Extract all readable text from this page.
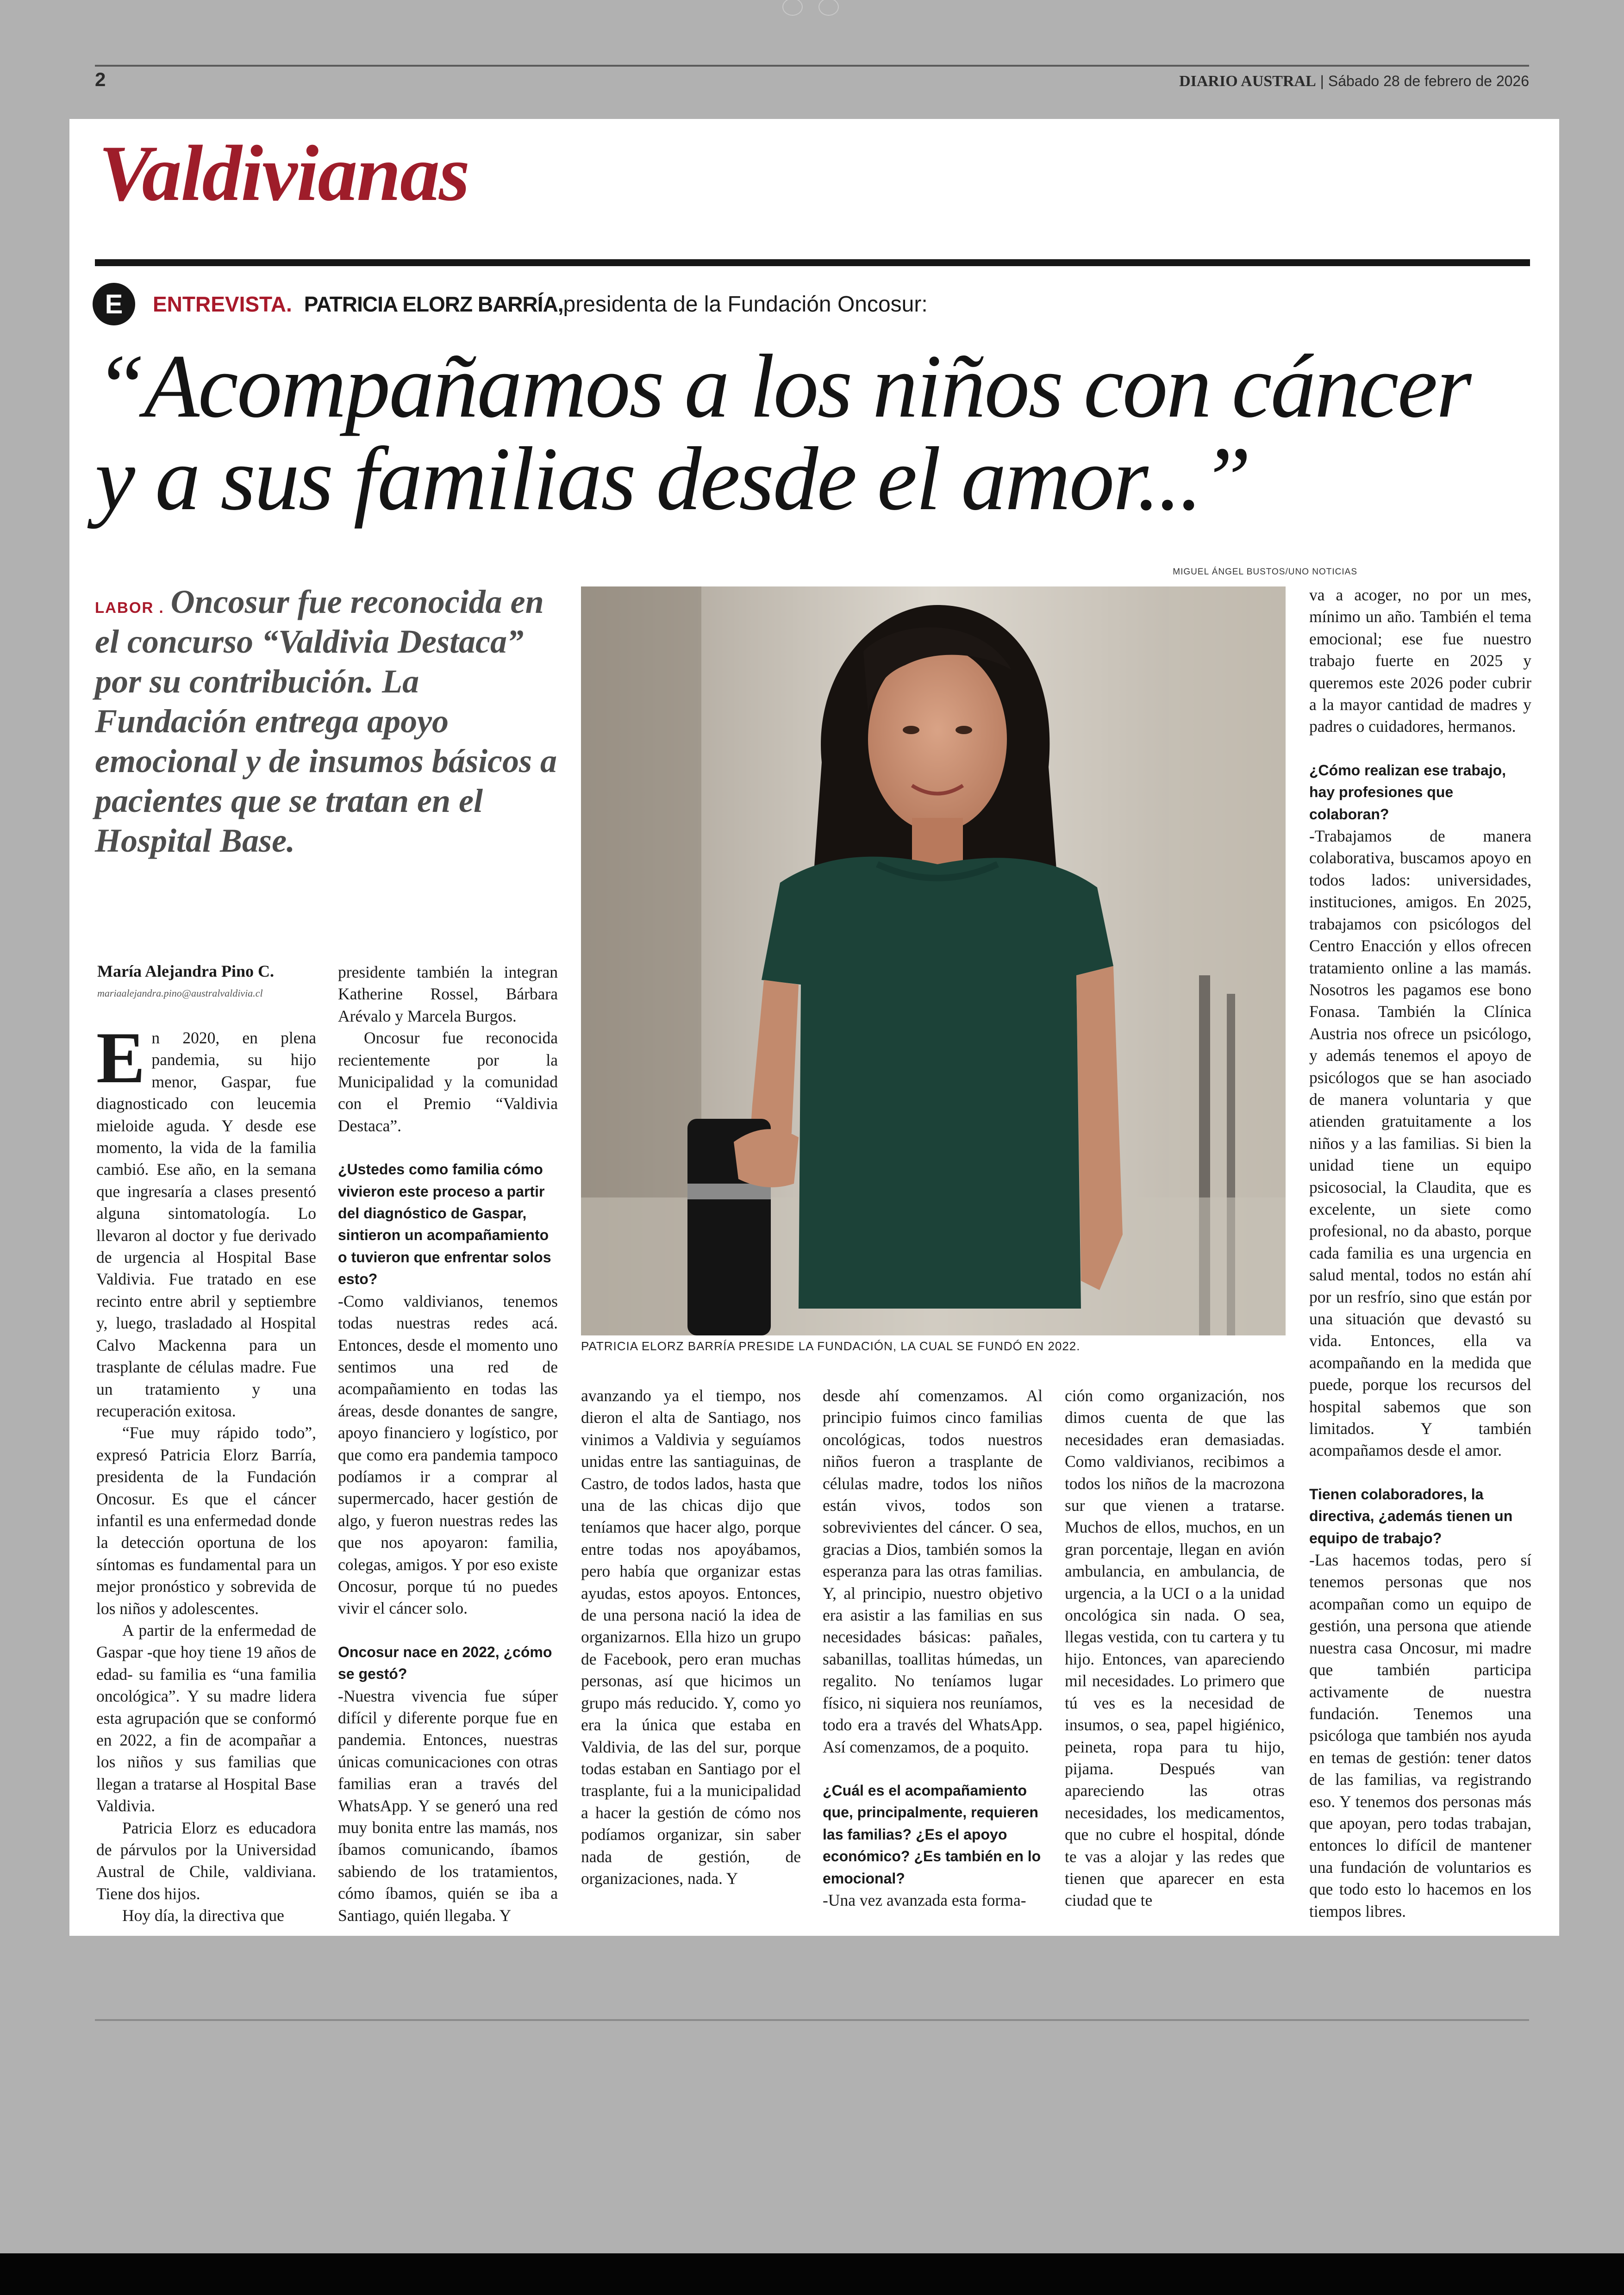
2	DIARIO AUSTRAL | Sábado 28 de febrero de 2026
Valdivianas
E	ENTREVISTA. PATRICIA ELORZ BARRÍA, presidenta de la Fundación Oncosur:
“Acompañamos a los niños con cáncer
y a sus familias desde el amor...”
MIGUEL ÁNGEL BUSTOS/UNO NOTICIAS
LABOR . Oncosur fue reconocida en el concurso “Valdivia Destaca” por su contribución. La Fundación entrega apoyo emocional y de insumos básicos a pacientes que se tratan en el Hospital Base.
PATRICIA ELORZ BARRÍA PRESIDE LA FUNDACIÓN, LA CUAL SE FUNDÓ EN 2022.
María Alejandra Pino C.
mariaalejandra.pino@australvaldivia.cl

En 2020, en plena pandemia, su hijo menor, Gaspar, fue diagnosticado con leucemia mieloide aguda. Y desde ese momento, la vida de la familia cambió. Ese año, en la semana que ingresaría a clases presentó alguna sintomatología. Lo llevaron al doctor y fue derivado de urgencia al Hospital Base Valdivia. Fue tratado en ese recinto entre abril y septiembre y, luego, trasladado al Hospital Calvo Mackenna para un trasplante de células madre. Fue un tratamiento y una recuperación exitosa.

“Fue muy rápido todo”, expresó Patricia Elorz Barría, presidenta de la Fundación Oncosur. Es que el cáncer infantil es una enfermedad donde la detección oportuna de los síntomas es fundamental para un mejor pronóstico y sobrevida de los niños y adolescentes.

A partir de la enfermedad de Gaspar -que hoy tiene 19 años de edad- su familia es “una familia oncológica”. Y su madre lidera esta agrupación que se conformó en 2022, a fin de acompañar a los niños y sus familias que llegan a tratarse al Hospital Base Valdivia.

Patricia Elorz es educadora de párvulos por la Universidad Austral de Chile, valdiviana. Tiene dos hijos.

Hoy día, la directiva que

presidente también la integran Katherine Rossel, Bárbara Arévalo y Marcela Burgos.

Oncosur fue reconocida recientemente por la Municipalidad y la comunidad con el Premio “Valdivia Destaca”.

¿Ustedes como familia cómo vivieron este proceso a partir del diagnóstico de Gaspar, sintieron un acompañamiento o tuvieron que enfrentar solos esto?

-Como valdivianos, tenemos todas nuestras redes acá. Entonces, desde el momento uno sentimos una red de acompañamiento en todas las áreas, desde donantes de sangre, apoyo financiero y logístico, por que como era pandemia tampoco podíamos ir a comprar al supermercado, hacer gestión de algo, y fueron nuestras redes las que nos apoyaron: familia, colegas, amigos. Y por eso existe Oncosur, porque tú no puedes vivir el cáncer solo.

Oncosur nace en 2022, ¿cómo se gestó?

-Nuestra vivencia fue súper difícil y diferente porque fue en pandemia. Entonces, nuestras únicas comunicaciones con otras familias eran a través del WhatsApp. Y se generó una red muy bonita entre las mamás, nos íbamos comunicando, íbamos sabiendo de los tratamientos, cómo íbamos, quién se iba a Santiago, quién llegaba. Y

avanzando ya el tiempo, nos dieron el alta de Santiago, nos vinimos a Valdivia y seguíamos unidas entre las santiaguinas, de Castro, de todos lados, hasta que una de las chicas dijo que teníamos que hacer algo, porque entre todas nos apoyábamos, pero había que organizar estas ayudas, estos apoyos. Entonces, de una persona nació la idea de organizarnos. Ella hizo un grupo de Facebook, pero eran muchas personas, así que hicimos un grupo más reducido. Y, como yo era la única que estaba en Valdivia, de las del sur, porque todas estaban en Santiago por el trasplante, fui a la municipalidad a hacer la gestión de cómo nos podíamos organizar, sin saber nada de gestión, de organizaciones, nada. Y

desde ahí comenzamos. Al principio fuimos cinco familias oncológicas, todos nuestros niños fueron a trasplante de células madre, todos los niños están vivos, todos son sobrevivientes del cáncer. O sea, gracias a Dios, también somos la esperanza para las otras familias. Y, al principio, nuestro objetivo era asistir a las familias en sus necesidades básicas: pañales, sabanillas, toallitas húmedas, un regalito. No teníamos lugar físico, ni siquiera nos reuníamos, todo era a través del WhatsApp. Así comenzamos, de a poquito.

¿Cuál es el acompañamiento que, principalmente, requieren las familias? ¿Es el apoyo económico? ¿Es también en lo emocional?

-Una vez avanzada esta forma-

ción como organización, nos dimos cuenta de que las necesidades eran demasiadas. Como valdivianos, recibimos a todos los niños de la macrozona sur que vienen a tratarse. Muchos de ellos, muchos, en un gran porcentaje, llegan en avión ambulancia, en ambulancia, de urgencia, a la UCI o a la unidad oncológica sin nada. O sea, llegas vestida, con tu cartera y tu hijo. Entonces, van apareciendo mil necesidades. Lo primero que tú ves es la necesidad de insumos, o sea, papel higiénico, peineta, ropa para tu hijo, pijama. Después van apareciendo las otras necesidades, los medicamentos, que no cubre el hospital, dónde te vas a alojar y las redes que tienen que aparecer en esta ciudad que te

va a acoger, no por un mes, mínimo un año. También el tema emocional; ese fue nuestro trabajo fuerte en 2025 y queremos este 2026 poder cubrir a la mayor cantidad de madres y padres o cuidadores, hermanos.

¿Cómo realizan ese trabajo, hay profesiones que colaboran?

-Trabajamos de manera colaborativa, buscamos apoyo en todos lados: universidades, instituciones, amigos. En 2025, trabajamos con psicólogos del Centro Enacción y ellos ofrecen tratamiento online a las mamás. Nosotros les pagamos ese bono Fonasa. También la Clínica Austria nos ofrece un psicólogo, y además tenemos el apoyo de psicólogos que se han asociado de manera voluntaria y que atienden gratuitamente a los niños y a las familias. Si bien la unidad tiene un equipo psicosocial, la Claudita, que es excelente, un siete como profesional, no da abasto, porque cada familia es una urgencia en salud mental, todos no están ahí por un resfrío, sino que están por una situación que devastó su vida. Entonces, ella va acompañando en la medida que puede, porque los recursos del hospital sabemos que son limitados. Y también acompañamos desde el amor.

Tienen colaboradores, la directiva, ¿además tienen un equipo de trabajo?

-Las hacemos todas, pero sí tenemos personas que nos acompañan como un equipo de gestión, una persona que atiende nuestra casa Oncosur, mi madre que también participa activamente de nuestra fundación. Tenemos una psicóloga que también nos ayuda en temas de gestión: tener datos de las familias, va registrando eso. Y tenemos dos personas más que apoyan, pero todas trabajan, entonces lo difícil de mantener una fundación de voluntarios es que todo esto lo hacemos en los tiempos libres.
